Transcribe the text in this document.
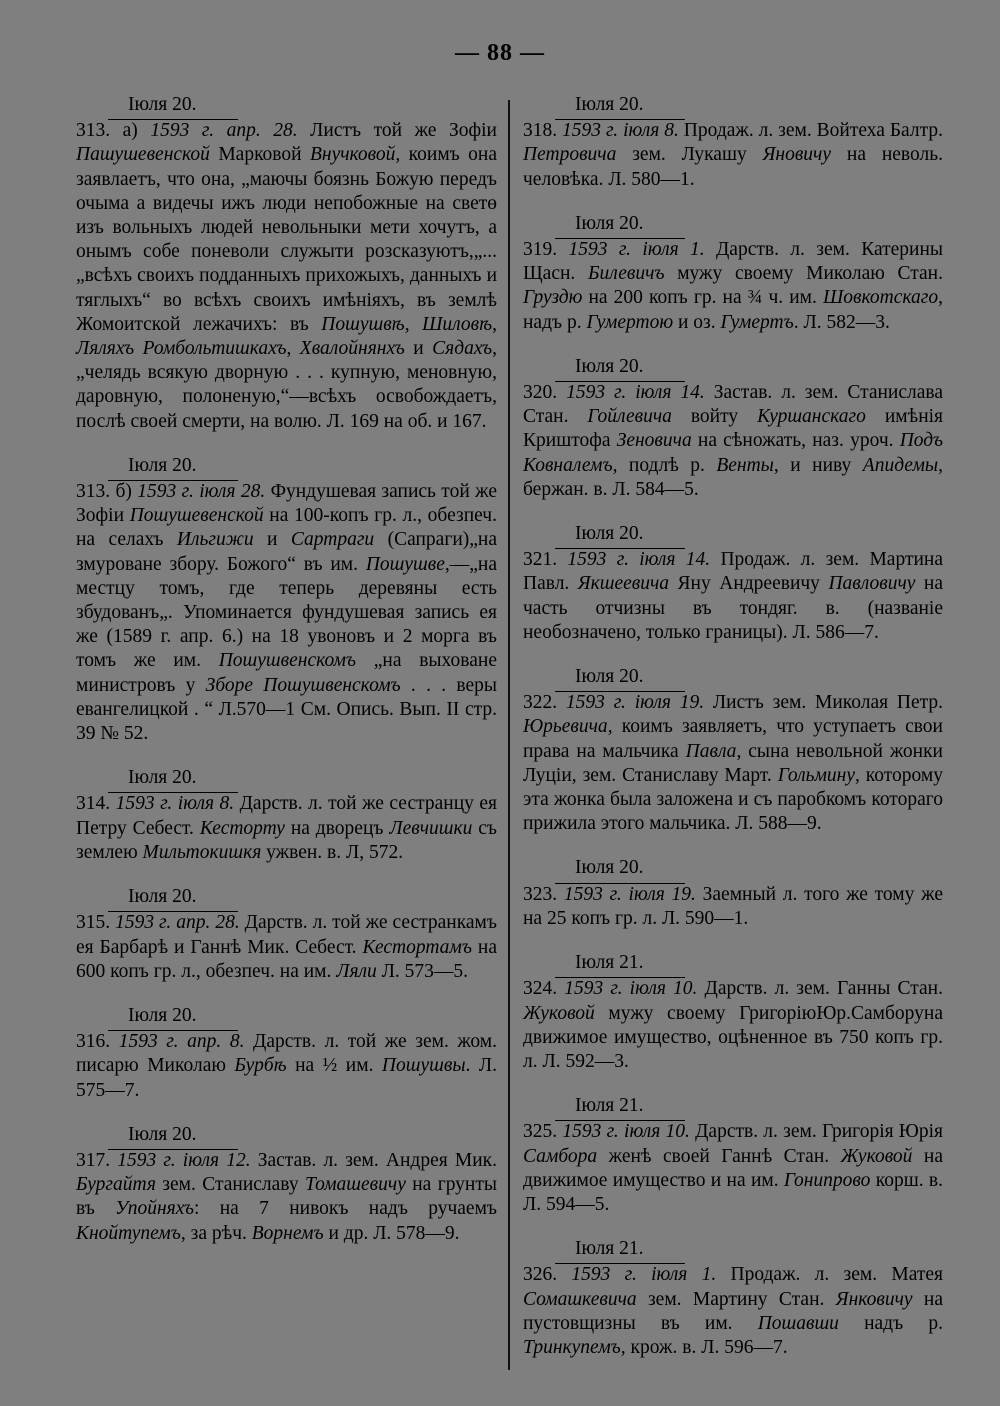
— 88 —
Іюля 20.
313. а) 1593 г. апр. 28. Листъ той же Зофіи Пашушевенской Марковой Внучковой, коимъ она заявлаетъ, что она, „маючы боязнь Божую передъ очыма а видечы ижъ люди непобожные на светө изъ вольныхъ людей невольныки мети хочутъ, а онымъ собе поневоли служыти розсказуютъ,„...„всѣхъ своихъ подданныхъ прихожыхъ, данныхъ и тяглыхъ“ во всѣхъ своихъ имѣніяхъ, въ землѣ Жомоитской лежачихъ: въ Пошушвѣ, Шиловѣ, Ляляхъ Ромбольтишкахъ, Хвалойнянхъ и Сядахъ, „челядь всякую дворную . . . купную, меновную, даровную, полоненую,“—всѣхъ освобождаетъ, послѣ своей смерти, на волю. Л. 169 на об. и 167.
Іюля 20.
313. б) 1593 г. іюля 28. Фундушевая запись той же Зофіи Пошушевенской на 100-копъ гр. л., обезпеч. на селахъ Ильгижи и Сартраги (Сапраги)„на змуроване збору. Божого“ въ им. Пошушве,—„на местцу томъ, где теперь деревяны есть збудованъ„. Упоминается фундушевая запись ея же (1589 г. апр. 6.) на 18 увоновъ и 2 морга въ томъ же им. Пошушвенскомъ „на выховане министровъ у Зборе Пошушвенскомъ . . . веры евангелицкой . “ Л.570—1 См. Опись. Вып. II стр. 39 № 52.
Іюля 20.
314. 1593 г. іюля 8. Дарств. л. той же сестранцу ея Петру Себест. Кесторту на дворецъ Левчишки съ землею Мильтокишкя ужвен. в. Л, 572.
Іюля 20.
315. 1593 г. апр. 28. Дарств. л. той же сестранкамъ ея Барбарѣ и Ганнѣ Мик. Себест. Кестортамъ на 600 копъ гр. л., обезпеч. на им. Ляли Л. 573—5.
Іюля 20.
316. 1593 г. апр. 8. Дарств. л. той же зем. жом. писарю Миколаю Бурбѣ на ½ им. Пошушвы. Л. 575—7.
Іюля 20.
317. 1593 г. іюля 12. Застав. л. зем. Андрея Мик. Бургайтя зем. Станиславу Томашевичу на грунты въ Упойняхъ: на 7 нивокъ надъ ручаемъ Кнойтупемъ, за рѣч. Ворнемъ и др. Л. 578—9.
Іюля 20.
318. 1593 г. іюля 8. Продаж. л. зем. Войтеха Балтр. Петровича зем. Лукашу Яновичу на неволь. человѣка. Л. 580—1.
Іюля 20.
319. 1593 г. іюля 1. Дарств. л. зем. Катерины Щасн. Билевичъ мужу своему Миколаю Стан. Груздю на 200 копъ гр. на ¾ ч. им. Шовкотскаго, надъ р. Гумертою и оз. Гумертъ. Л. 582—3.
Іюля 20.
320. 1593 г. іюля 14. Застав. л. зем. Станислава Стан. Гойлевича войту Куршанскаго имѣнія Криштофа Зеновича на сѣножать, наз. уроч. Подъ Ковналемъ, подлѣ р. Венты, и ниву Апидемы, бержан. в. Л. 584—5.
Іюля 20.
321. 1593 г. іюля 14. Продаж. л. зем. Мартина Павл. Якшеевича Яну Андреевичу Павловичу на часть отчизны въ тондяг. в. (названіе необозначено, только границы). Л. 586—7.
Іюля 20.
322. 1593 г. іюля 19. Листъ зем. Миколая Петр. Юрьевича, коимъ заявляетъ, что уступаетъ свои права на мальчика Павла, сына невольной жонки Луціи, зем. Станиславу Март. Гольмину, которому эта жонка была заложена и съ паробкомъ котораго прижила этого мальчика. Л. 588—9.
Іюля 20.
323. 1593 г. іюля 19. Заемный л. того же тому же на 25 копъ гр. л. Л. 590—1.
Іюля 21.
324. 1593 г. іюля 10. Дарств. л. зем. Ганны Стан. Жуковой мужу своему ГригоріюЮр.Самборуна движимое имущество, оцѣненное въ 750 копъ гр. л. Л. 592—3.
Іюля 21.
325. 1593 г. іюля 10. Дарств. л. зем. Григорія Юрія Самбора женѣ своей Ганнѣ Стан. Жуковой на движимое имущество и на им. Гонипрово корш. в. Л. 594—5.
Іюля 21.
326. 1593 г. іюля 1. Продаж. л. зем. Матея Сомашкевича зем. Мартину Стан. Янковичу на пустовщизны въ им. Пошавши надъ р. Тринкупемъ, крож. в. Л. 596—7.
